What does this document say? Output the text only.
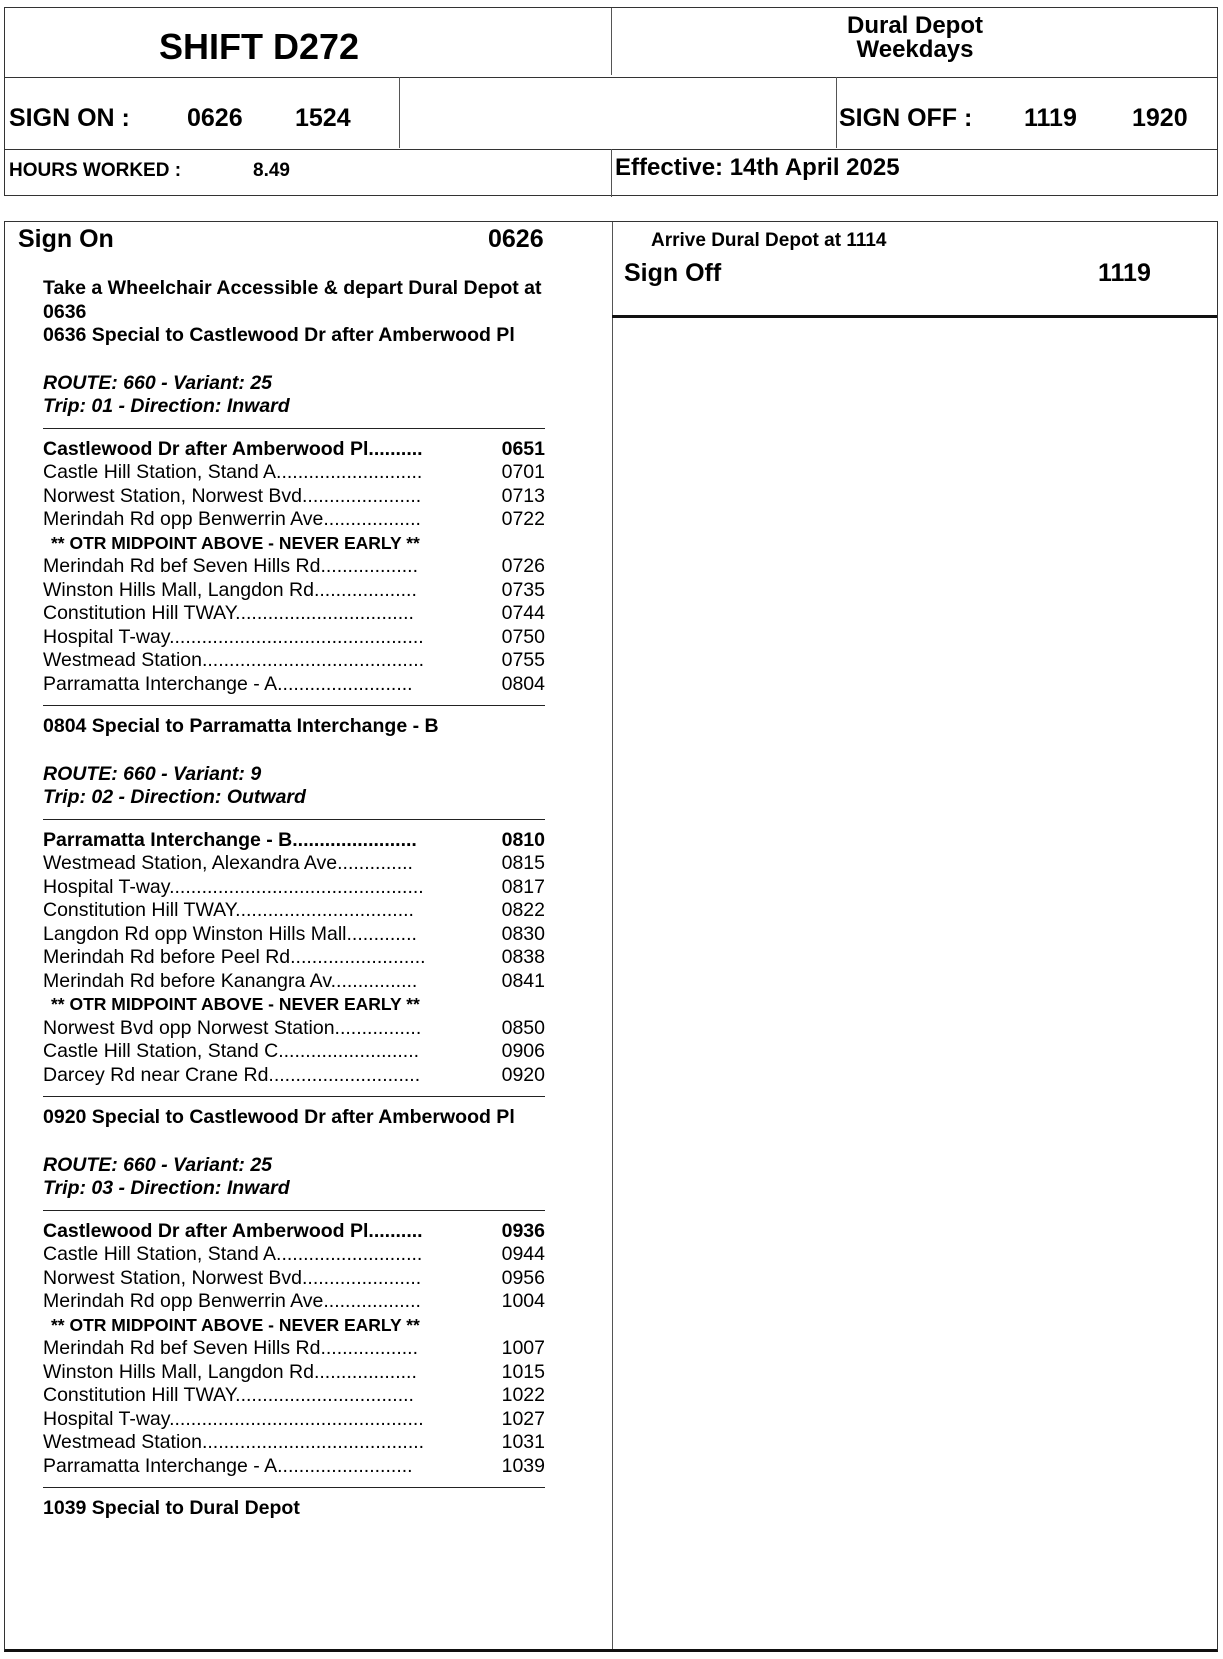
SHIFT D272
Dural Depot
Weekdays
SIGN ON : 0626 1524	SIGN OFF : 1119 1920
HOURS WORKED :	8.49	Effective: 14th April 2025
Sign On	0626
Take a Wheelchair Accessible & depart Dural Depot at
0636
0636 Special to Castlewood Dr after Amberwood Pl
ROUTE: 660 - Variant: 25
Trip: 01 - Direction: Inward
Castlewood Dr after Amberwood Pl..........	0651
Castle Hill Station, Stand A...........................	0701
Norwest Station, Norwest Bvd......................	0713
Merindah Rd opp Benwerrin Ave..................	0722
** OTR MIDPOINT ABOVE - NEVER EARLY **
Merindah Rd bef Seven Hills Rd..................	0726
Winston Hills Mall, Langdon Rd...................	0735
Constitution Hill TWAY.................................	0744
Hospital T-way...............................................	0750
Westmead Station.........................................	0755
Parramatta Interchange - A.........................	0804
0804 Special to Parramatta Interchange - B
ROUTE: 660 - Variant: 9
Trip: 02 - Direction: Outward
Parramatta Interchange - B.......................	0810
Westmead Station, Alexandra Ave..............	0815
Hospital T-way...............................................	0817
Constitution Hill TWAY.................................	0822
Langdon Rd opp Winston Hills Mall.............	0830
Merindah Rd before Peel Rd.........................	0838
Merindah Rd before Kanangra Av................	0841
** OTR MIDPOINT ABOVE - NEVER EARLY **
Norwest Bvd opp Norwest Station................	0850
Castle Hill Station, Stand C..........................	0906
Darcey Rd near Crane Rd............................	0920
0920 Special to Castlewood Dr after Amberwood Pl
ROUTE: 660 - Variant: 25
Trip: 03 - Direction: Inward
Castlewood Dr after Amberwood Pl..........	0936
Castle Hill Station, Stand A...........................	0944
Norwest Station, Norwest Bvd......................	0956
Merindah Rd opp Benwerrin Ave..................	1004
** OTR MIDPOINT ABOVE - NEVER EARLY **
Merindah Rd bef Seven Hills Rd..................	1007
Winston Hills Mall, Langdon Rd...................	1015
Constitution Hill TWAY.................................	1022
Hospital T-way...............................................	1027
Westmead Station.........................................	1031
Parramatta Interchange - A.........................	1039
1039 Special to Dural Depot
Arrive Dural Depot at 1114
Sign Off	1119
